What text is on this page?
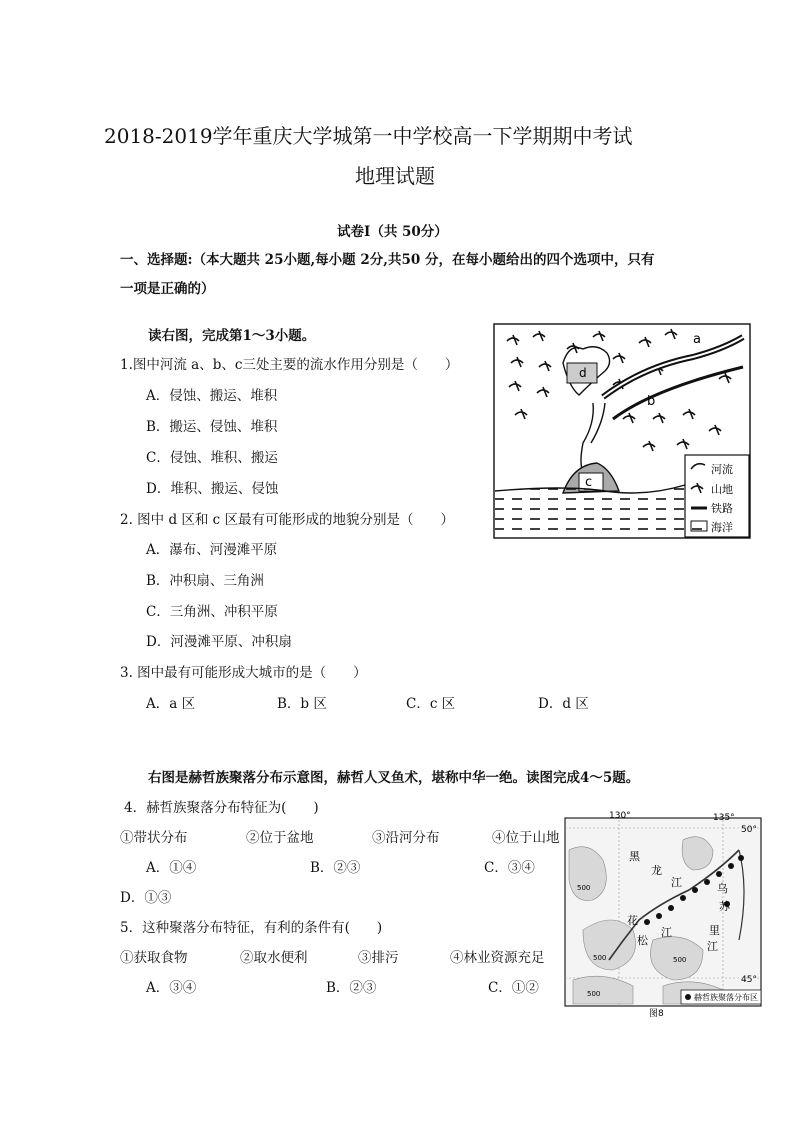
2018-2019学年重庆大学城第一中学校高一下学期期中考试
地理试题
试卷Ⅰ（共 50分）
一、选择题:（本大题共 25小题,每小题 2分,共50 分，在每小题给出的四个选项中，只有
一项是正确的）
读右图，完成第1～3小题。
1.图中河流 a、b、c三处主要的流水作用分别是（　　）
A．侵蚀、搬运、堆积
B．搬运、侵蚀、堆积
C．侵蚀、堆积、搬运
D．堆积、搬运、侵蚀
2. 图中 d 区和 c 区最有可能形成的地貌分别是（　　）
A．瀑布、河漫滩平原
B．冲积扇、三角洲
C．三角洲、冲积平原
D．河漫滩平原、冲积扇
3. 图中最有可能形成大城市的是（　　）
A．a 区	B．b 区	C．c 区	D．d 区
a
b
c
d
河流
山地
铁路
海洋
右图是赫哲族聚落分布示意图，赫哲人叉鱼术，堪称中华一绝。读图完成4～5题。
4．赫哲族聚落分布特征为(　　)
①带状分布	②位于盆地	③沿河分布	④位于山地
A．①④	B．②③	C．③④
D．①③
5．这种聚落分布特征，有利的条件有(　　)
①获取食物	②取水便利	③排污	④林业资源充足
A．③④	B．②③	C．①②
130°	135°
50°
45°
黑
龙
江
松
花
江
乌
苏
里
江
500
500	500
500	赫哲族聚落分布区
图8
